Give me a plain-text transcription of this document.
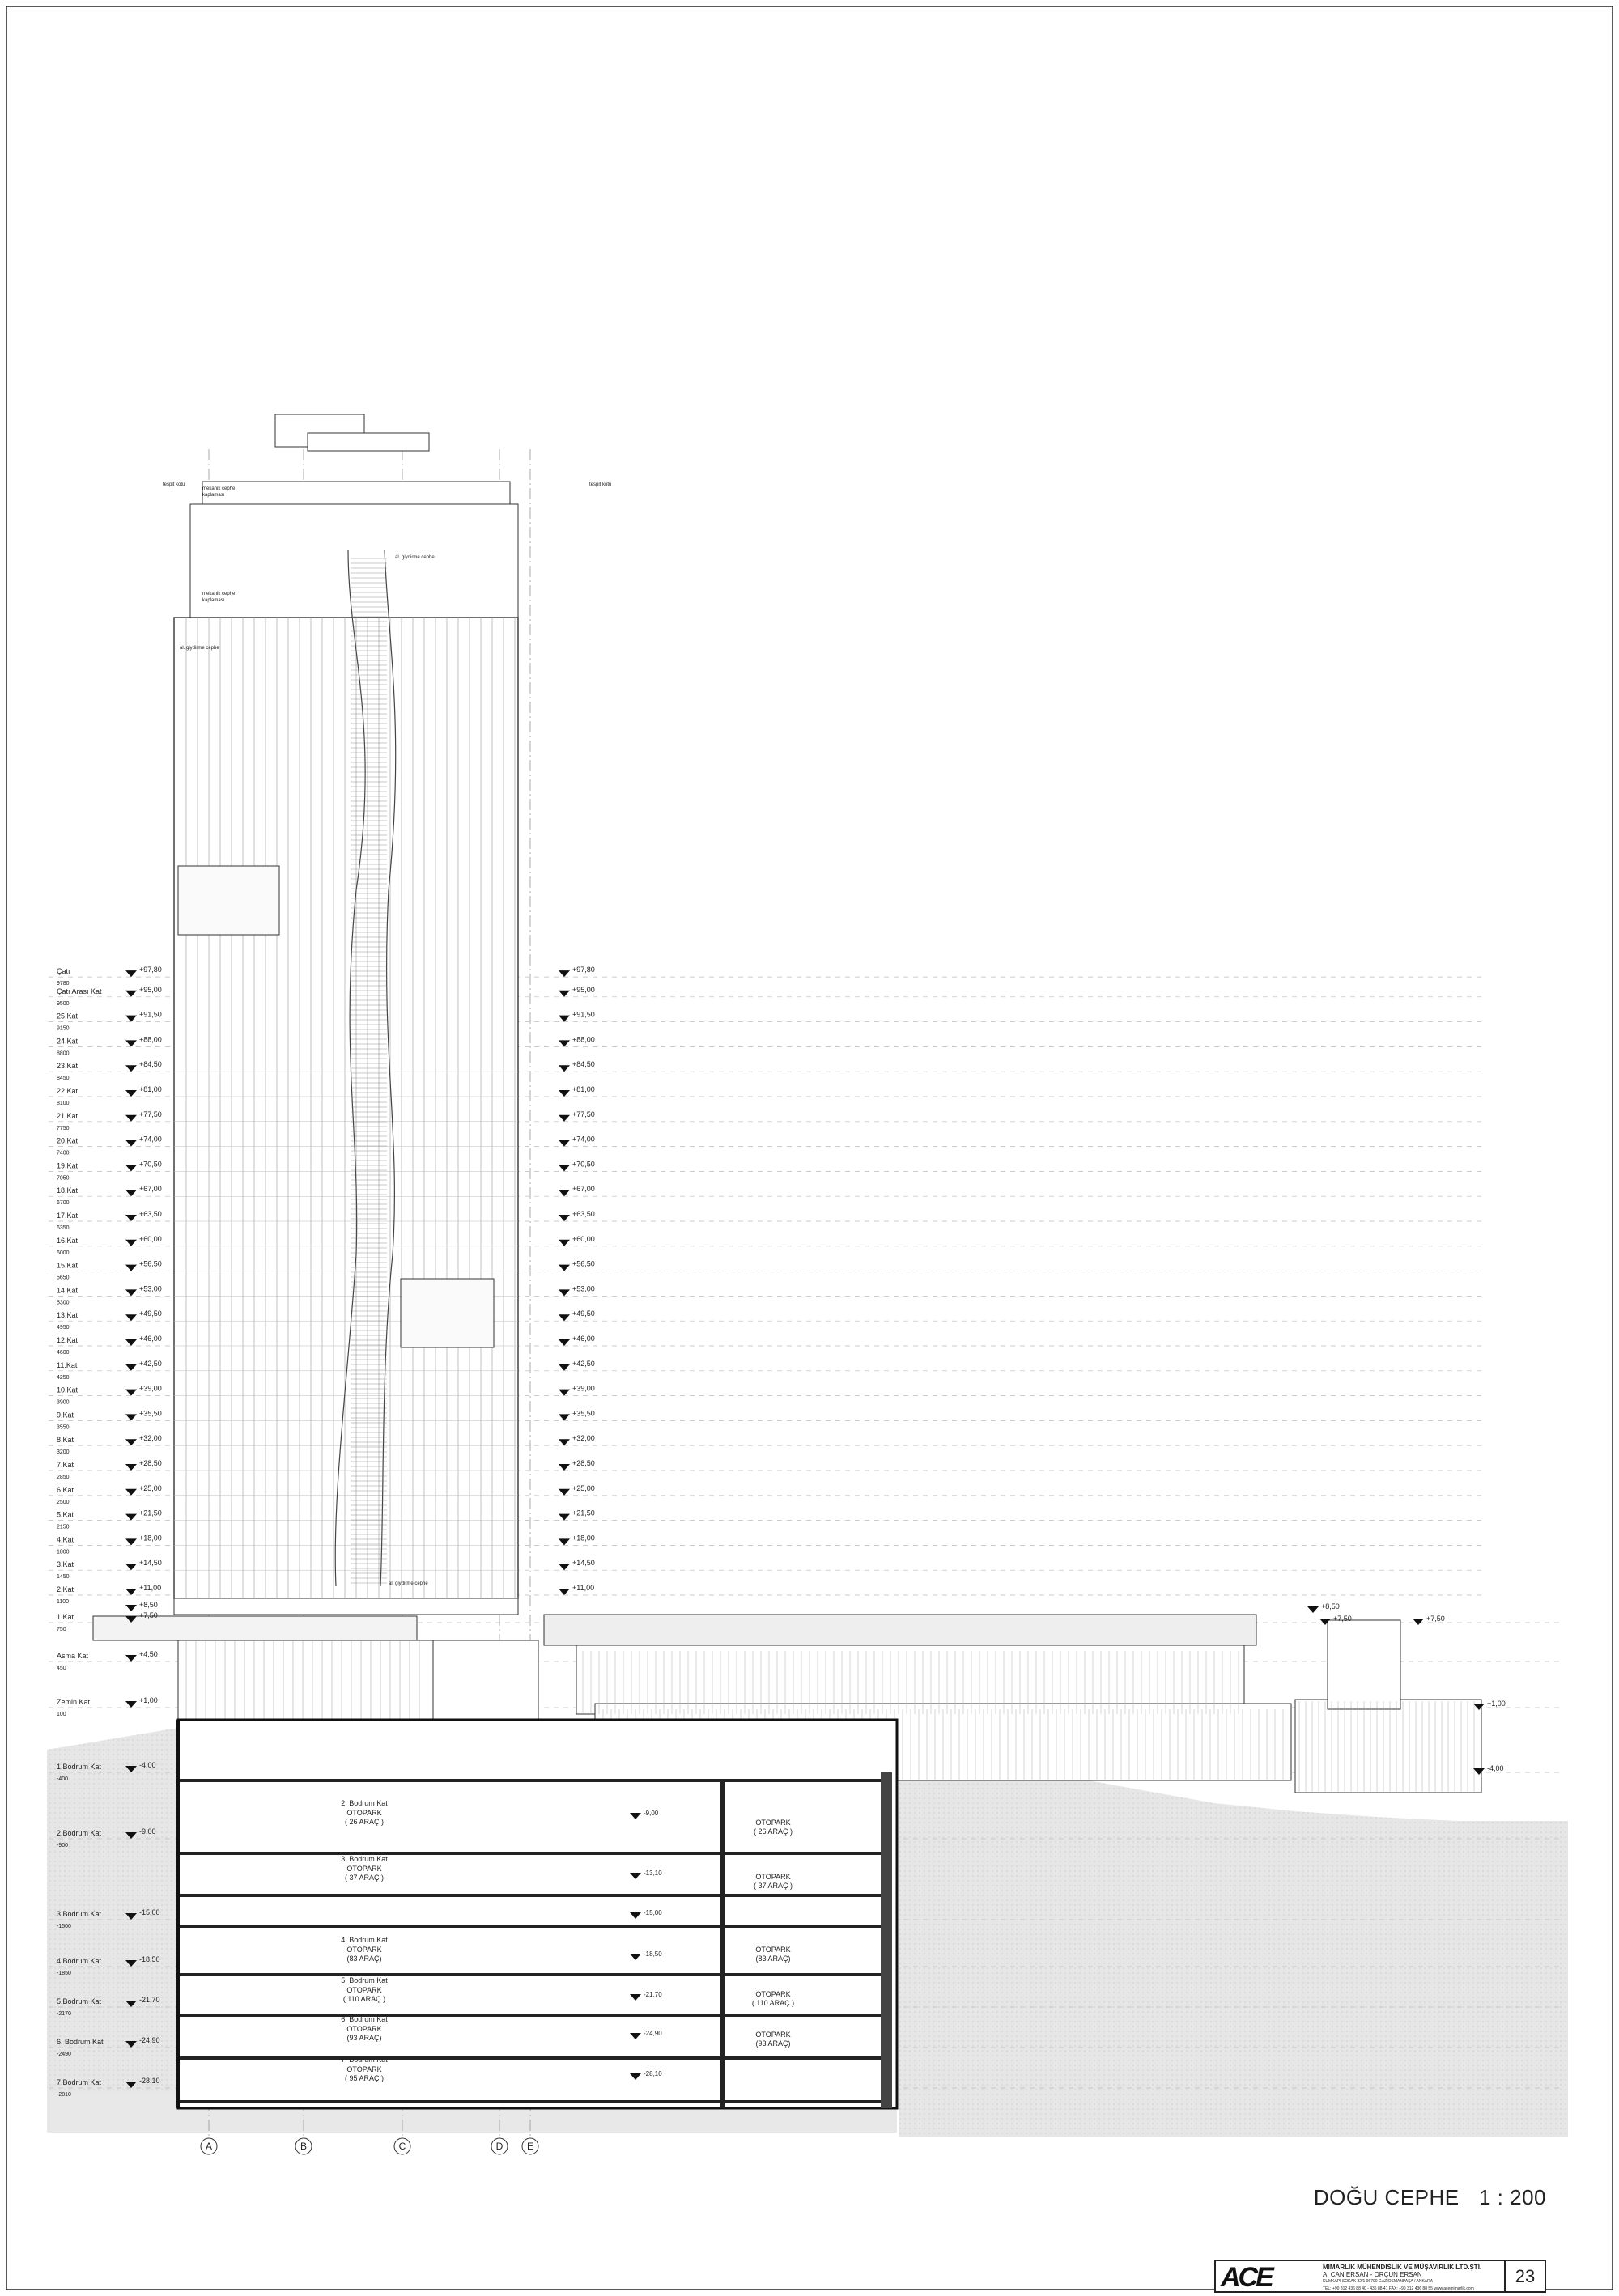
Çatı
9780
+97,80	+97,80
Çatı Arası Kat
9500
+95,00	+95,00
25.Kat
9150
+91,50	+91,50
24.Kat
8800
+88,00	+88,00
23.Kat
8450
+84,50	+84,50
22.Kat
8100
+81,00	+81,00
21.Kat
7750
+77,50	+77,50
20.Kat
7400
+74,00	+74,00
19.Kat
7050
+70,50	+70,50
18.Kat
6700
+67,00	+67,00
17.Kat
6350
+63,50	+63,50
16.Kat
6000
+60,00	+60,00
15.Kat
5650
+56,50	+56,50
14.Kat
5300
+53,00	+53,00
13.Kat
4950
+49,50	+49,50
12.Kat
4600
+46,00	+46,00
11.Kat
4250
+42,50	+42,50
10.Kat
3900
+39,00	+39,00
9.Kat
3550
+35,50	+35,50
8.Kat
3200
+32,00	+32,00
7.Kat
2850
+28,50	+28,50
6.Kat
2500
+25,00	+25,00
5.Kat
2150
+21,50	+21,50
4.Kat
1800
+18,00	+18,00
3.Kat
1450
+14,50	+14,50
2.Kat
1100
+11,00	+11,00
1.Kat
750
+7,50
Asma Kat
450
+4,50
Zemin Kat
100
+1,00
1.Bodrum Kat
-400
-4,00
2.Bodrum Kat
-900
-9,00
3.Bodrum Kat
-1500
-15,00
4.Bodrum Kat
-1850
-18,50
5.Bodrum Kat
-2170
-21,70
6. Bodrum Kat
-2490
-24,90
7.Bodrum Kat
-2810
-28,10
+8,50	+8,50
+7,50	+7,50
+1,00
-4,00
mekanik cephe
kaplaması
mekanik cephe
kaplaması
al. giydirme cephe
al. giydirme cephe
al. giydirme cephe
tespit kotu	tespit kotu
2. Bodrum Kat
OTOPARK
( 26 ARAÇ )
-9,00
3. Bodrum Kat
OTOPARK
( 37 ARAÇ )
-13,10
4. Bodrum Kat
OTOPARK
(83 ARAÇ)
-18,50
5. Bodrum Kat
OTOPARK
( 110 ARAÇ )
-21,70
6. Bodrum Kat
OTOPARK
(93 ARAÇ)
-24,90
7. Bodrum Kat
OTOPARK
( 95 ARAÇ )
-28,10
OTOPARK
( 26 ARAÇ )
OTOPARK
( 37 ARAÇ )
OTOPARK
(83 ARAÇ)
OTOPARK
( 110 ARAÇ )
OTOPARK
(93 ARAÇ)
-15,00
A	B	C	D E
DOĞU CEPHE 1 : 200
ACE	MİMARLIK MÜHENDİSLİK VE MÜŞAVİRLİK LTD.ŞTİ.
A. CAN ERSAN - ORÇUN ERSAN
KUMKAPI SOKAK 32/1 06700 GAZİOSMANPAŞA / ANKARA
TEL: +90 312 436 88 40 - 436 88 41 FAX: +90 312 436 88 55 www.acemimarlik.com
23
